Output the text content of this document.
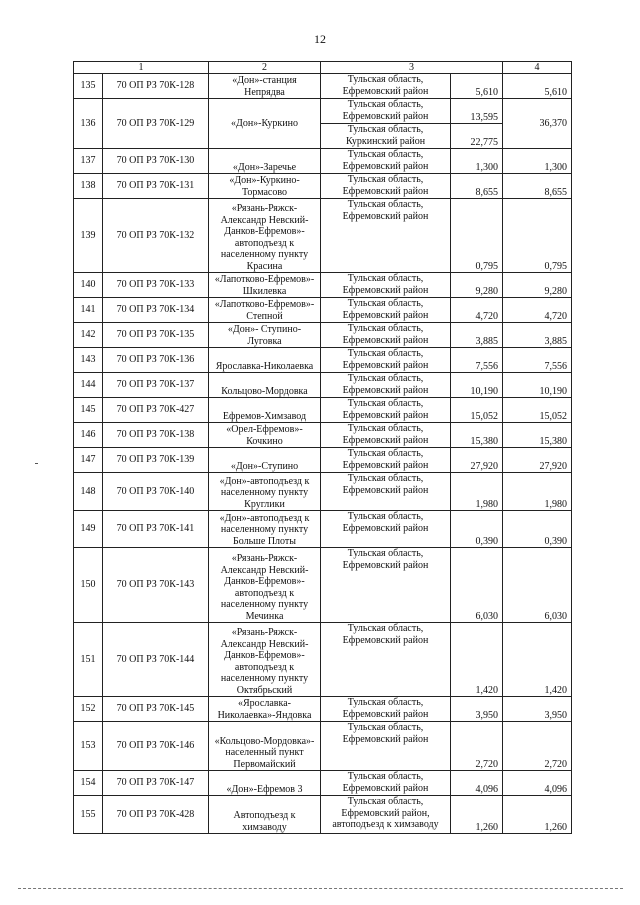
12
1		2	3		4
135	70 ОП РЗ 70К-128	«Дон»-станция Непрядва	Тульская область, Ефремовский район	5,610	5,610
136	70 ОП РЗ 70К-129	«Дон»-Куркино	Тульская область, Ефремовский район	13,595	36,370
			Тульская область, Куркинский район	22,775	
137	70 ОП РЗ 70К-130	«Дон»-Заречье	Тульская область, Ефремовский район	1,300	1,300
138	70 ОП РЗ 70К-131	«Дон»-Куркино-Тормасово	Тульская область, Ефремовский район	8,655	8,655
139	70 ОП РЗ 70К-132	«Рязань-Ряжск-Александр Невский-Данков-Ефремов»-автоподъезд к населенному пункту Красина	Тульская область, Ефремовский район	0,795	0,795
140	70 ОП РЗ 70К-133	«Лапотково-Ефремов»-Шкилевка	Тульская область, Ефремовский район	9,280	9,280
141	70 ОП РЗ 70К-134	«Лапотково-Ефремов»-Степной	Тульская область, Ефремовский район	4,720	4,720
142	70 ОП РЗ 70К-135	«Дон»- Ступино-Луговка	Тульская область, Ефремовский район	3,885	3,885
143	70 ОП РЗ 70К-136	Ярославка-Николаевка	Тульская область, Ефремовский район	7,556	7,556
144	70 ОП РЗ 70К-137	Кольцово-Мордовка	Тульская область, Ефремовский район	10,190	10,190
145	70 ОП РЗ 70К-427	Ефремов-Химзавод	Тульская область, Ефремовский район	15,052	15,052
146	70 ОП РЗ 70К-138	«Орел-Ефремов»-Кочкино	Тульская область, Ефремовский район	15,380	15,380
147	70 ОП РЗ 70К-139	«Дон»-Ступино	Тульская область, Ефремовский район	27,920	27,920
148	70 ОП РЗ 70К-140	«Дон»-автоподъезд к населенному пункту Круглики	Тульская область, Ефремовский район	1,980	1,980
149	70 ОП РЗ 70К-141	«Дон»-автоподъезд к населенному пункту Больше Плоты	Тульская область, Ефремовский район	0,390	0,390
150	70 ОП РЗ 70К-143	«Рязань-Ряжск-Александр Невский-Данков-Ефремов»-автоподъезд к населенному пункту Мечинка	Тульская область, Ефремовский район	6,030	6,030
151	70 ОП РЗ 70К-144	«Рязань-Ряжск-Александр Невский-Данков-Ефремов»-автоподъезд к населенному пункту Октябрьский	Тульская область, Ефремовский район	1,420	1,420
152	70 ОП РЗ 70К-145	«Ярославка-Николаевка»-Яндовка	Тульская область, Ефремовский район	3,950	3,950
153	70 ОП РЗ 70К-146	«Кольцово-Мордовка»-населенный пункт Первомайский	Тульская область, Ефремовский район	2,720	2,720
154	70 ОП РЗ 70К-147	«Дон»-Ефремов 3	Тульская область, Ефремовский район	4,096	4,096
155	70 ОП РЗ 70К-428	Автоподъезд к химзаводу	Тульская область, Ефремовский район, автоподъезд к химзаводу	1,260	1,260
